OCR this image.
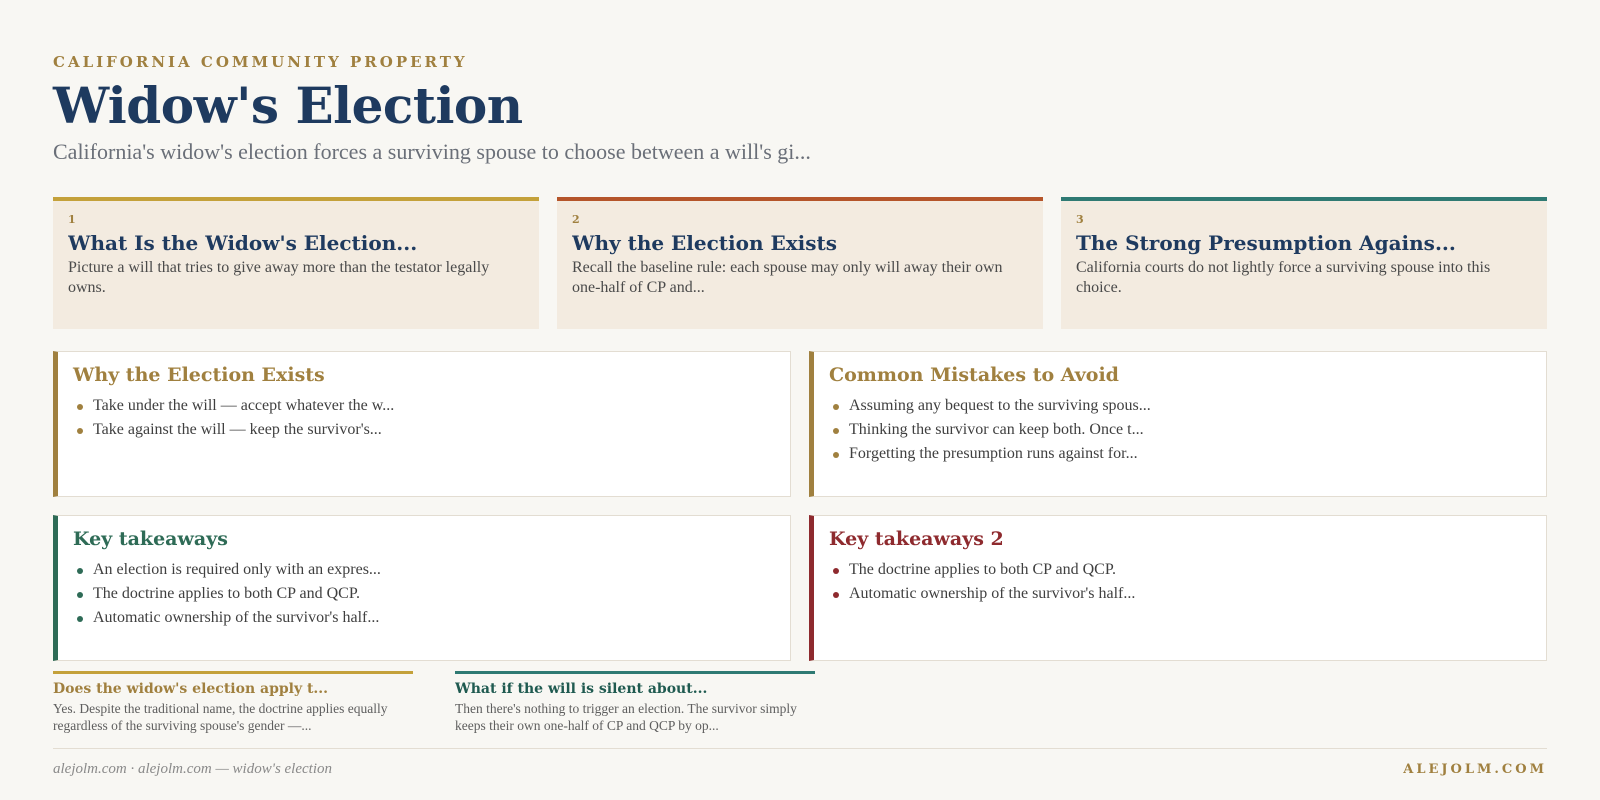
CALIFORNIA COMMUNITY PROPERTY
Widow's Election
California's widow's election forces a surviving spouse to choose between a will's gi...
1
What Is the Widow's Election...
Picture a will that tries to give away more than the testator legally owns.
2
Why the Election Exists
Recall the baseline rule: each spouse may only will away their own one-half of CP and...
3
The Strong Presumption Agains...
California courts do not lightly force a surviving spouse into this choice.
Why the Election Exists
Take under the will — accept whatever the w...
Take against the will — keep the survivor's...
Common Mistakes to Avoid
Assuming any bequest to the surviving spous...
Thinking the survivor can keep both. Once t...
Forgetting the presumption runs against for...
Key takeaways
An election is required only with an expres...
The doctrine applies to both CP and QCP.
Automatic ownership of the survivor's half...
Key takeaways 2
The doctrine applies to both CP and QCP.
Automatic ownership of the survivor's half...
Does the widow's election apply t...
Yes. Despite the traditional name, the doctrine applies equally regardless of the surviving spouse's gender —...
What if the will is silent about...
Then there's nothing to trigger an election. The survivor simply keeps their own one-half of CP and QCP by op...
alejolm.com · alejolm.com — widow's election	ALEJOLM.COM
